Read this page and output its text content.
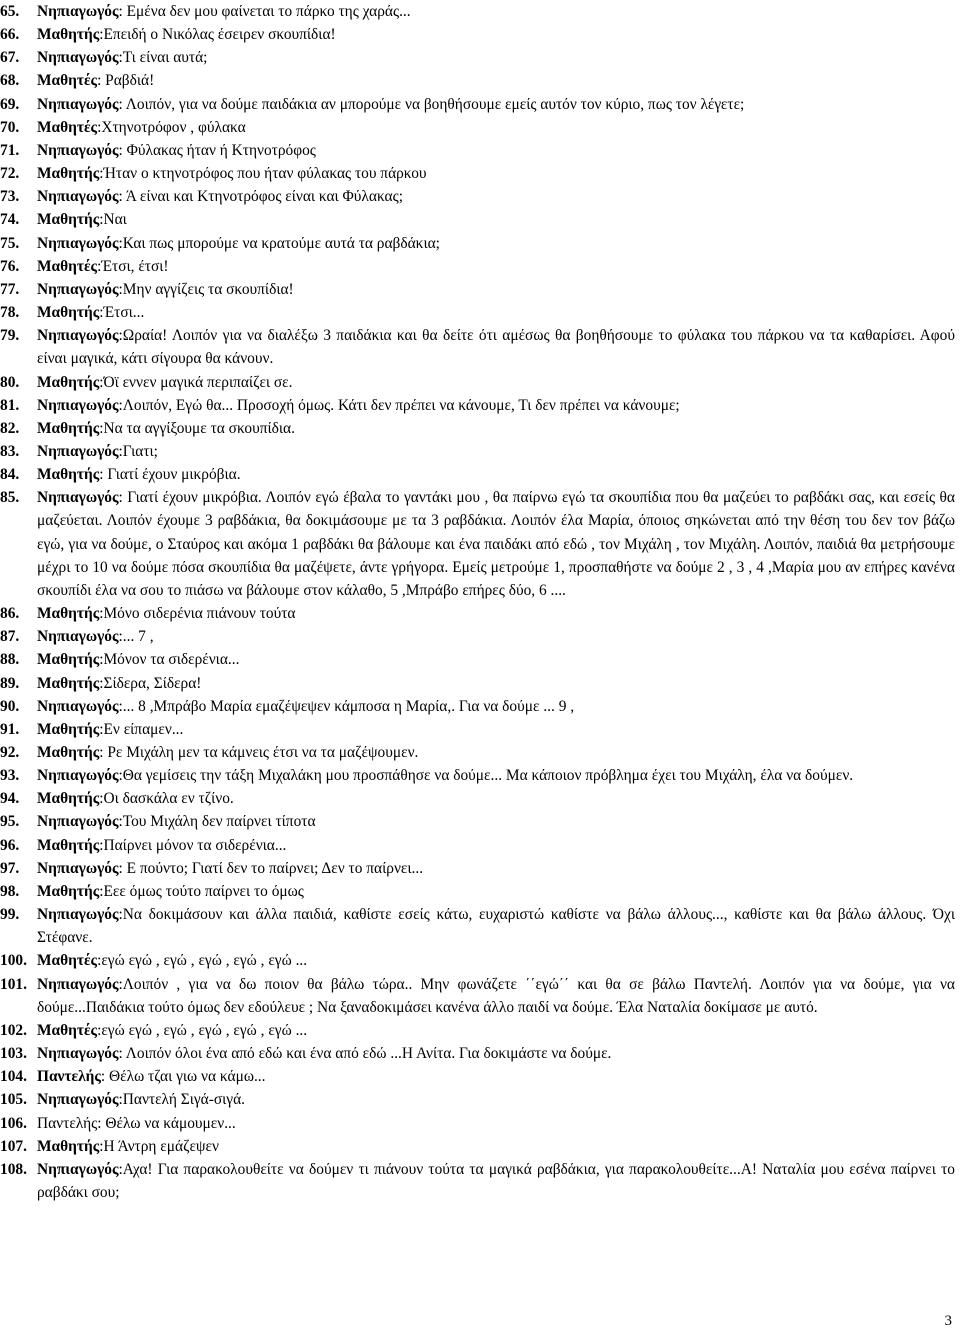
65. Νηπιαγωγός: Εμένα δεν μου φαίνεται το πάρκο της χαράς...
66. Μαθητής:Επειδή ο Νικόλας έσειρεν σκουπίδια!
67. Νηπιαγωγός:Τι είναι αυτά;
68. Μαθητές: Ραβδιά!
69. Νηπιαγωγός: Λοιπόν, για να δούμε παιδάκια αν μπορούμε να βοηθήσουμε εμείς αυτόν τον κύριο, πως τον λέγετε;
70. Μαθητές:Χτηνοτρόφον , φύλακα
71. Νηπιαγωγός: Φύλακας ήταν ή Κτηνοτρόφος
72. Μαθητής:Ήταν ο κτηνοτρόφος που ήταν φύλακας του πάρκου
73. Νηπιαγωγός: Ά είναι και Κτηνοτρόφος είναι και Φύλακας;
74. Μαθητής:Ναι
75. Νηπιαγωγός:Και πως μπορούμε να κρατούμε αυτά τα ραβδάκια;
76. Μαθητές:Έτσι, έτσι!
77. Νηπιαγωγός:Μην αγγίζεις τα σκουπίδια!
78. Μαθητής:Έτσι...
79. Νηπιαγωγός:Ωραία! Λοιπόν για να διαλέξω 3 παιδάκια και θα δείτε ότι αμέσως θα βοηθήσουμε το φύλακα του πάρκου να τα καθαρίσει. Αφού είναι μαγικά, κάτι σίγουρα θα κάνουν.
80. Μαθητής:Όϊ εννεν μαγικά περιπαίζει σε.
81. Νηπιαγωγός:Λοιπόν, Εγώ θα... Προσοχή όμως. Κάτι δεν πρέπει να κάνουμε, Τι δεν πρέπει να κάνουμε;
82. Μαθητής:Να τα αγγίξουμε τα σκουπίδια.
83. Νηπιαγωγός:Γιατι;
84. Μαθητής: Γιατί έχουν μικρόβια.
85. Νηπιαγωγός: Γιατί έχουν μικρόβια. Λοιπόν εγώ έβαλα το γαντάκι μου , θα παίρνω εγώ τα σκουπίδια που θα μαζεύει το ραβδάκι σας, και εσείς θα μαζεύεται. Λοιπόν έχουμε 3 ραβδάκια, θα δοκιμάσουμε με τα 3 ραβδάκια. Λοιπόν έλα Μαρία, όποιος σηκώνεται από την θέση του δεν τον βάζω εγώ, για να δούμε, ο Σταύρος και ακόμα 1 ραβδάκι θα βάλουμε και ένα παιδάκι από εδώ , τον Μιχάλη , τον Μιχάλη. Λοιπόν, παιδιά θα μετρήσουμε μέχρι το 10 να δούμε πόσα σκουπίδια θα μαζέψετε, άντε γρήγορα. Εμείς μετρούμε 1, προσπαθήστε να δούμε 2 , 3 , 4 ,Μαρία μου αν επήρες κανένα σκουπίδι έλα να σου το πιάσω να βάλουμε στον κάλαθο, 5 ,Μπράβο επήρες δύο, 6 ....
86. Μαθητής:Μόνο σιδερένια πιάνουν τούτα
87. Νηπιαγωγός:... 7 ,
88. Μαθητής:Μόνον τα σιδερένια...
89. Μαθητής:Σίδερα, Σίδερα!
90. Νηπιαγωγός:... 8 ,Μπράβο Μαρία εμαζέψεψεν κάμποσα η Μαρία,. Για να δούμε ... 9 ,
91. Μαθητής:Εν είπαμεν...
92. Μαθητής: Ρε Μιχάλη μεν τα κάμνεις έτσι να τα μαζέψουμεν.
93. Νηπιαγωγός:Θα γεμίσεις την τάξη Μιχαλάκη μου προσπάθησε να δούμε... Μα κάποιον πρόβλημα έχει του Μιχάλη, έλα να δούμεν.
94. Μαθητής:Οι δασκάλα εν τζίνο.
95. Νηπιαγωγός:Του Μιχάλη δεν παίρνει τίποτα
96. Μαθητής:Παίρνει μόνον τα σιδερένια...
97. Νηπιαγωγός: Ε πούντο; Γιατί δεν το παίρνει; Δεν το παίρνει...
98. Μαθητής:Εεε όμως τούτο παίρνει το όμως
99. Νηπιαγωγός:Να δοκιμάσουν και άλλα παιδιά, καθίστε εσείς κάτω, ευχαριστώ καθίστε να βάλω άλλους..., καθίστε και θα βάλω άλλους. Όχι Στέφανε.
100. Μαθητές:εγώ εγώ , εγώ , εγώ , εγώ , εγώ ...
101. Νηπιαγωγός:Λοιπόν , για να δω ποιον θα βάλω τώρα.. Μην φωνάζετε ΄΄εγώ΄΄ και θα σε βάλω Παντελή. Λοιπόν για να δούμε, για να δούμε...Παιδάκια τούτο όμως δεν εδούλευε ; Να ξαναδοκιμάσει κανένα άλλο παιδί να δούμε. Έλα Ναταλία δοκίμασε με αυτό.
102. Μαθητές:εγώ εγώ , εγώ , εγώ , εγώ , εγώ ...
103. Νηπιαγωγός: Λοιπόν όλοι ένα από εδώ και ένα από εδώ ...Η Ανίτα. Για δοκιμάστε να δούμε.
104. Παντελής: Θέλω τζαι γιω να κάμω...
105. Νηπιαγωγός:Παντελή Σιγά-σιγά.
106. Παντελής: Θέλω να κάμουμεν...
107. Μαθητής:Η Άντρη εμάζεψεν
108. Νηπιαγωγός:Αχα! Για παρακολουθείτε να δούμεν τι πιάνουν τούτα τα μαγικά ραβδάκια, για παρακολουθείτε...Α! Ναταλία μου εσένα παίρνει το ραβδάκι σου;
3
